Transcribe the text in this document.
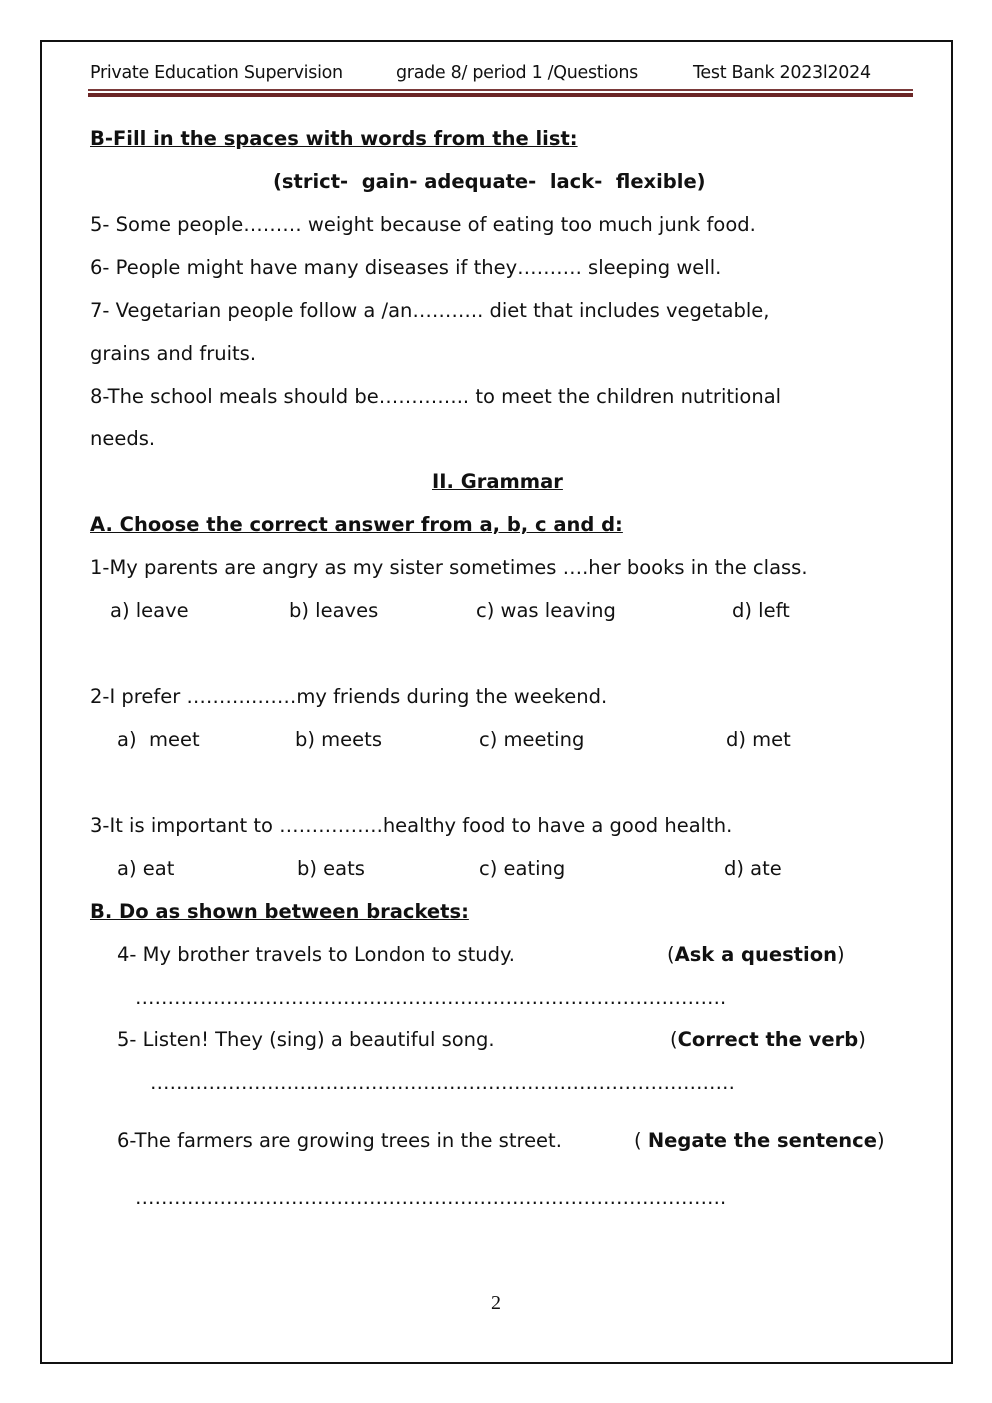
Private Education Supervision	grade 8/ period 1 /Questions	Test Bank 2023l2024
B-Fill in the spaces with words from the list:
(strict-  gain- adequate-  lack-  flexible)
5- Some people……… weight because of eating too much junk food.
6- People might have many diseases if they………. sleeping well.
7- Vegetarian people follow a /an……….. diet that includes vegetable,
grains and fruits.
8-The school meals should be………….. to meet the children nutritional
needs.
II. Grammar
A. Choose the correct answer from a, b, c and d:
1-My parents are angry as my sister sometimes ….her books in the class.
a) leave	b) leaves	c) was leaving	d) left
2-I prefer ………..……my friends during the weekend.
a)  meet	b) meets	c) meeting	d) met
3-It is important to …………….healthy food to have a good health.
a) eat	b) eats	c) eating	d) ate
B. Do as shown between brackets:
4- My brother travels to London to study.	(Ask a question)
……………………………………………………………………………….
5- Listen! They (sing) a beautiful song.	(Correct the verb)
………………………………………………………………………………
6-The farmers are growing trees in the street.	( Negate the sentence)
……………………………………………………………………………….
2
